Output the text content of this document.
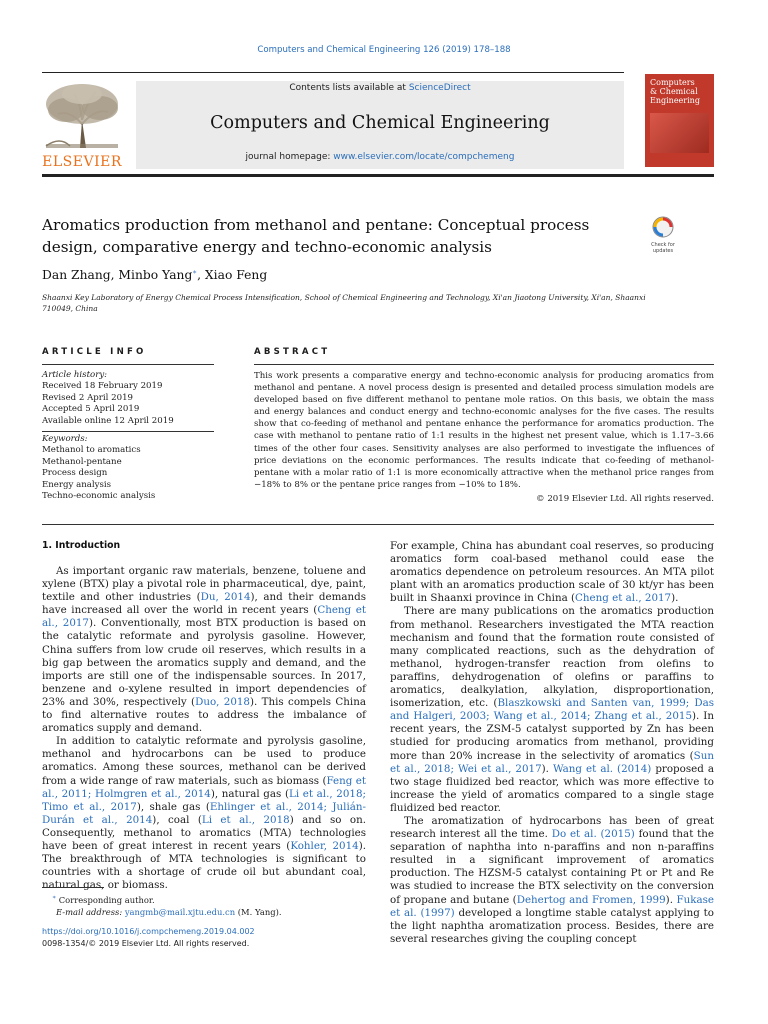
Computers and Chemical Engineering 126 (2019) 178–188
ELSEVIER
Contents lists available at ScienceDirect
Computers and Chemical Engineering
journal homepage: www.elsevier.com/locate/compchemeng
Computers
& Chemical
Engineering
Aromatics production from methanol and pentane: Conceptual process
design, comparative energy and techno-economic analysis	Check for
updates
Dan Zhang, Minbo Yang∗, Xiao Feng
Shaanxi Key Laboratory of Energy Chemical Process Intensification, School of Chemical Engineering and Technology, Xi'an Jiaotong University, Xi'an, Shaanxi
710049, China
ARTICLE INFO
Article history:
Received 18 February 2019
Revised 2 April 2019
Accepted 5 April 2019
Available online 12 April 2019
Keywords:
Methanol to aromatics
Methanol-pentane
Process design
Energy analysis
Techno-economic analysis
ABSTRACT
This work presents a comparative energy and techno-economic analysis for producing aromatics from methanol and pentane. A novel process design is presented and detailed process simulation models are developed based on five different methanol to pentane mole ratios. On this basis, we obtain the mass and energy balances and conduct energy and techno-economic analyses for the five cases. The results show that co-feeding of methanol and pentane enhance the performance for aromatics production. The case with methanol to pentane ratio of 1:1 results in the highest net present value, which is 1.17–3.66 times of the other four cases. Sensitivity analyses are also performed to investigate the influences of price deviations on the economic performances. The results indicate that co-feeding of methanol-pentane with a molar ratio of 1:1 is more economically attractive when the methanol price ranges from −18% to 8% or the pentane price ranges from −10% to 18%.
© 2019 Elsevier Ltd. All rights reserved.
1. Introduction

As important organic raw materials, benzene, toluene and xylene (BTX) play a pivotal role in pharmaceutical, dye, paint, textile and other industries (Du, 2014), and their demands have increased all over the world in recent years (Cheng et al., 2017). Conventionally, most BTX production is based on the catalytic reformate and pyrolysis gasoline. However, China suffers from low crude oil reserves, which results in a big gap between the aromatics supply and demand, and the imports are still one of the indispensable sources. In 2017, benzene and o-xylene resulted in import dependencies of 23% and 30%, respectively (Duo, 2018). This compels China to find alternative routes to address the imbalance of aromatics supply and demand.

In addition to catalytic reformate and pyrolysis gasoline, methanol and hydrocarbons can be used to produce aromatics. Among these sources, methanol can be derived from a wide range of raw materials, such as biomass (Feng et al., 2011; Holmgren et al., 2014), natural gas (Li et al., 2018; Timo et al., 2017), shale gas (Ehlinger et al., 2014; Julián-Durán et al., 2014), coal (Li et al., 2018) and so on. Consequently, methanol to aromatics (MTA) technologies have been of great interest in recent years (Kohler, 2014). The breakthrough of MTA technologies is significant to countries with a shortage of crude oil but abundant coal, natural gas, or biomass.

For example, China has abundant coal reserves, so producing aromatics form coal-based methanol could ease the aromatics dependence on petroleum resources. An MTA pilot plant with an aromatics production scale of 30 kt/yr has been built in Shaanxi province in China (Cheng et al., 2017).

There are many publications on the aromatics production from methanol. Researchers investigated the MTA reaction mechanism and found that the formation route consisted of many complicated reactions, such as the dehydration of methanol, hydrogen-transfer reaction from olefins to paraffins, dehydrogenation of olefins or paraffins to aromatics, dealkylation, alkylation, disproportionation, isomerization, etc. (Blaszkowski and Santen van, 1999; Das and Halgeri, 2003; Wang et al., 2014; Zhang et al., 2015). In recent years, the ZSM-5 catalyst supported by Zn has been studied for producing aromatics from methanol, providing more than 20% increase in the selectivity of aromatics (Sun et al., 2018; Wei et al., 2017). Wang et al. (2014) proposed a two stage fluidized bed reactor, which was more effective to increase the yield of aromatics compared to a single stage fluidized bed reactor.

The aromatization of hydrocarbons has been of great research interest all the time. Do et al. (2015) found that the separation of naphtha into n-paraffins and non n-paraffins resulted in a significant improvement of aromatics production. The HZSM-5 catalyst containing Pt or Pt and Re was studied to increase the BTX selectivity on the conversion of propane and butane (Dehertog and Fromen, 1999). Fukase et al. (1997) developed a longtime stable catalyst applying to the light naphtha aromatization process. Besides, there are several researches giving the coupling concept

∗ Corresponding author.
E-mail address: yangmb@mail.xjtu.edu.cn (M. Yang).
https://doi.org/10.1016/j.compchemeng.2019.04.002
0098-1354/© 2019 Elsevier Ltd. All rights reserved.
